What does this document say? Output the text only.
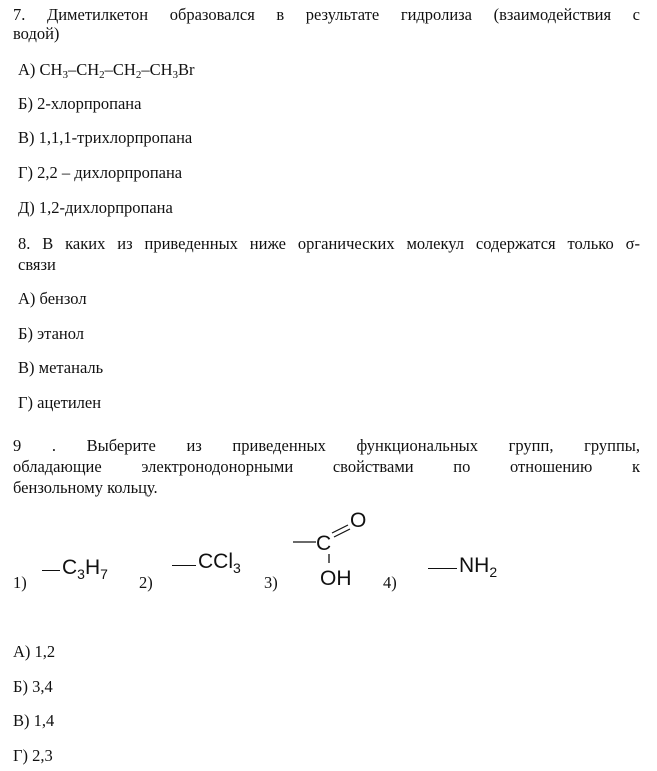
7. Диметилкетон образовался в результате гидролиза (взаимодействия с
водой)
А) $CH_3-CH_2-CH_2-CH_3Br$
Б) 2-хлорпропана
В) 1,1,1-трихлорпропана
Г) 2,2 – дихлорпропана
Д) 1,2-дихлорпропана
8. В каких из приведенных ниже органических молекул содержатся только σ-
связи
А) бензол
Б) этанол
В) метаналь
Г) ацетилен
9 . Выберите из приведенных функциональных групп, группы,
обладающие электронодонорными свойствами по отношению к
бензольному кольцу.
1)
$C_3H_7$ 2)
CCl$_3$
3)
C
O
OH 4)
$NH_2$
А) 1,2
Б) 3,4
В) 1,4
Г) 2,3
